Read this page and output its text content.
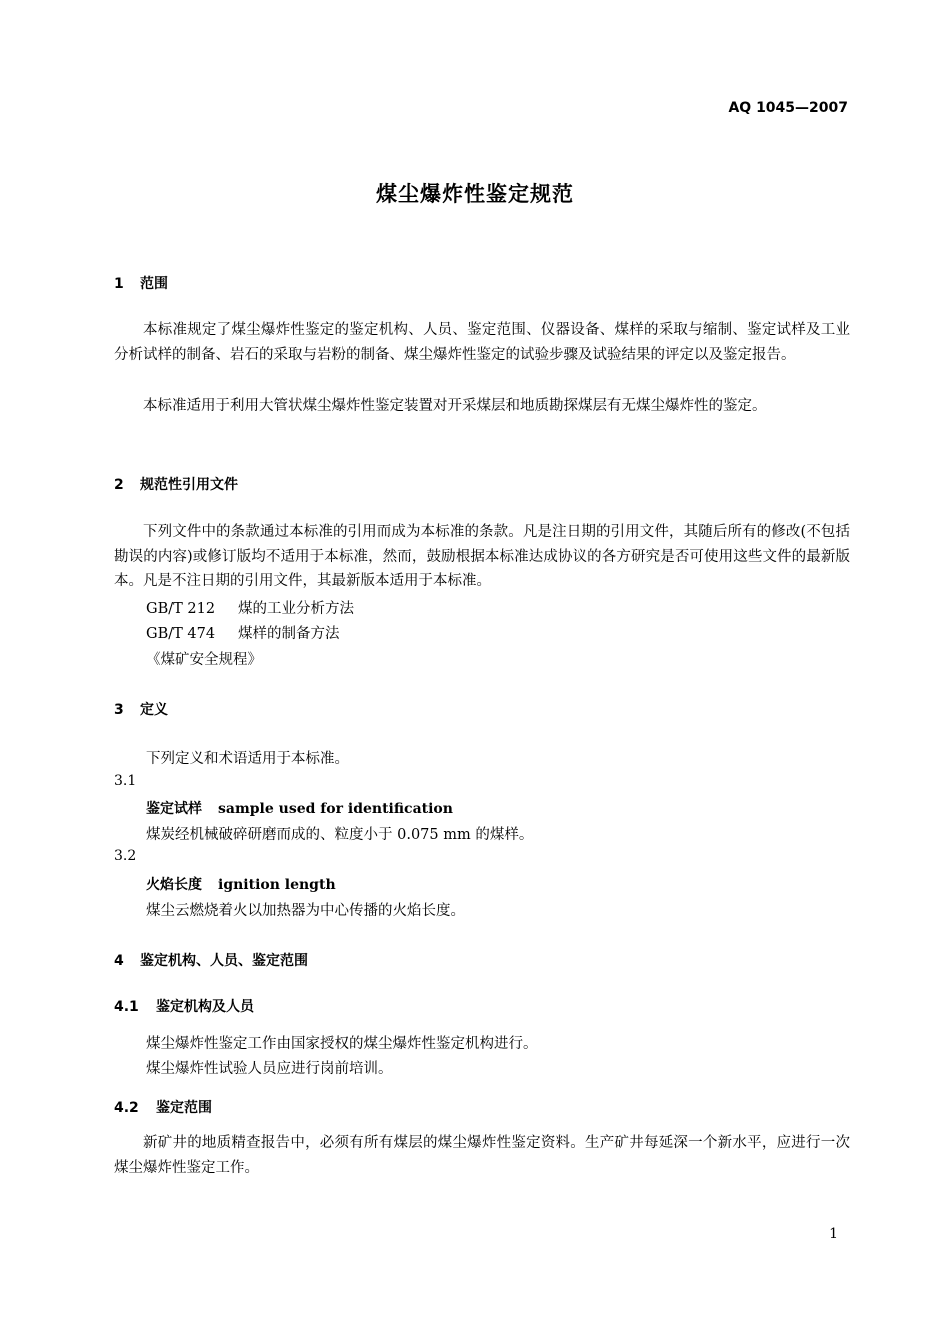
AQ 1045—2007
煤尘爆炸性鉴定规范
1 范围
本标准规定了煤尘爆炸性鉴定的鉴定机构、人员、鉴定范围、仪器设备、煤样的采取与缩制、鉴定试样及工业分析试样的制备、岩石的采取与岩粉的制备、煤尘爆炸性鉴定的试验步骤及试验结果的评定以及鉴定报告。
本标准适用于利用大管状煤尘爆炸性鉴定装置对开采煤层和地质勘探煤层有无煤尘爆炸性的鉴定。
2 规范性引用文件
下列文件中的条款通过本标准的引用而成为本标准的条款。凡是注日期的引用文件，其随后所有的修改(不包括勘误的内容)或修订版均不适用于本标准，然而，鼓励根据本标准达成协议的各方研究是否可使用这些文件的最新版本。凡是不注日期的引用文件，其最新版本适用于本标准。
GB/T 212 煤的工业分析方法
GB/T 474 煤样的制备方法
《煤矿安全规程》
3 定义
下列定义和术语适用于本标准。
3.1
鉴定试样 sample used for identification
煤炭经机械破碎研磨而成的、粒度小于 0.075 mm 的煤样。
3.2
火焰长度 ignition length
煤尘云燃烧着火以加热器为中心传播的火焰长度。
4 鉴定机构、人员、鉴定范围
4.1 鉴定机构及人员
煤尘爆炸性鉴定工作由国家授权的煤尘爆炸性鉴定机构进行。
煤尘爆炸性试验人员应进行岗前培训。
4.2 鉴定范围
新矿井的地质精查报告中，必须有所有煤层的煤尘爆炸性鉴定资料。生产矿井每延深一个新水平，应进行一次煤尘爆炸性鉴定工作。
1
